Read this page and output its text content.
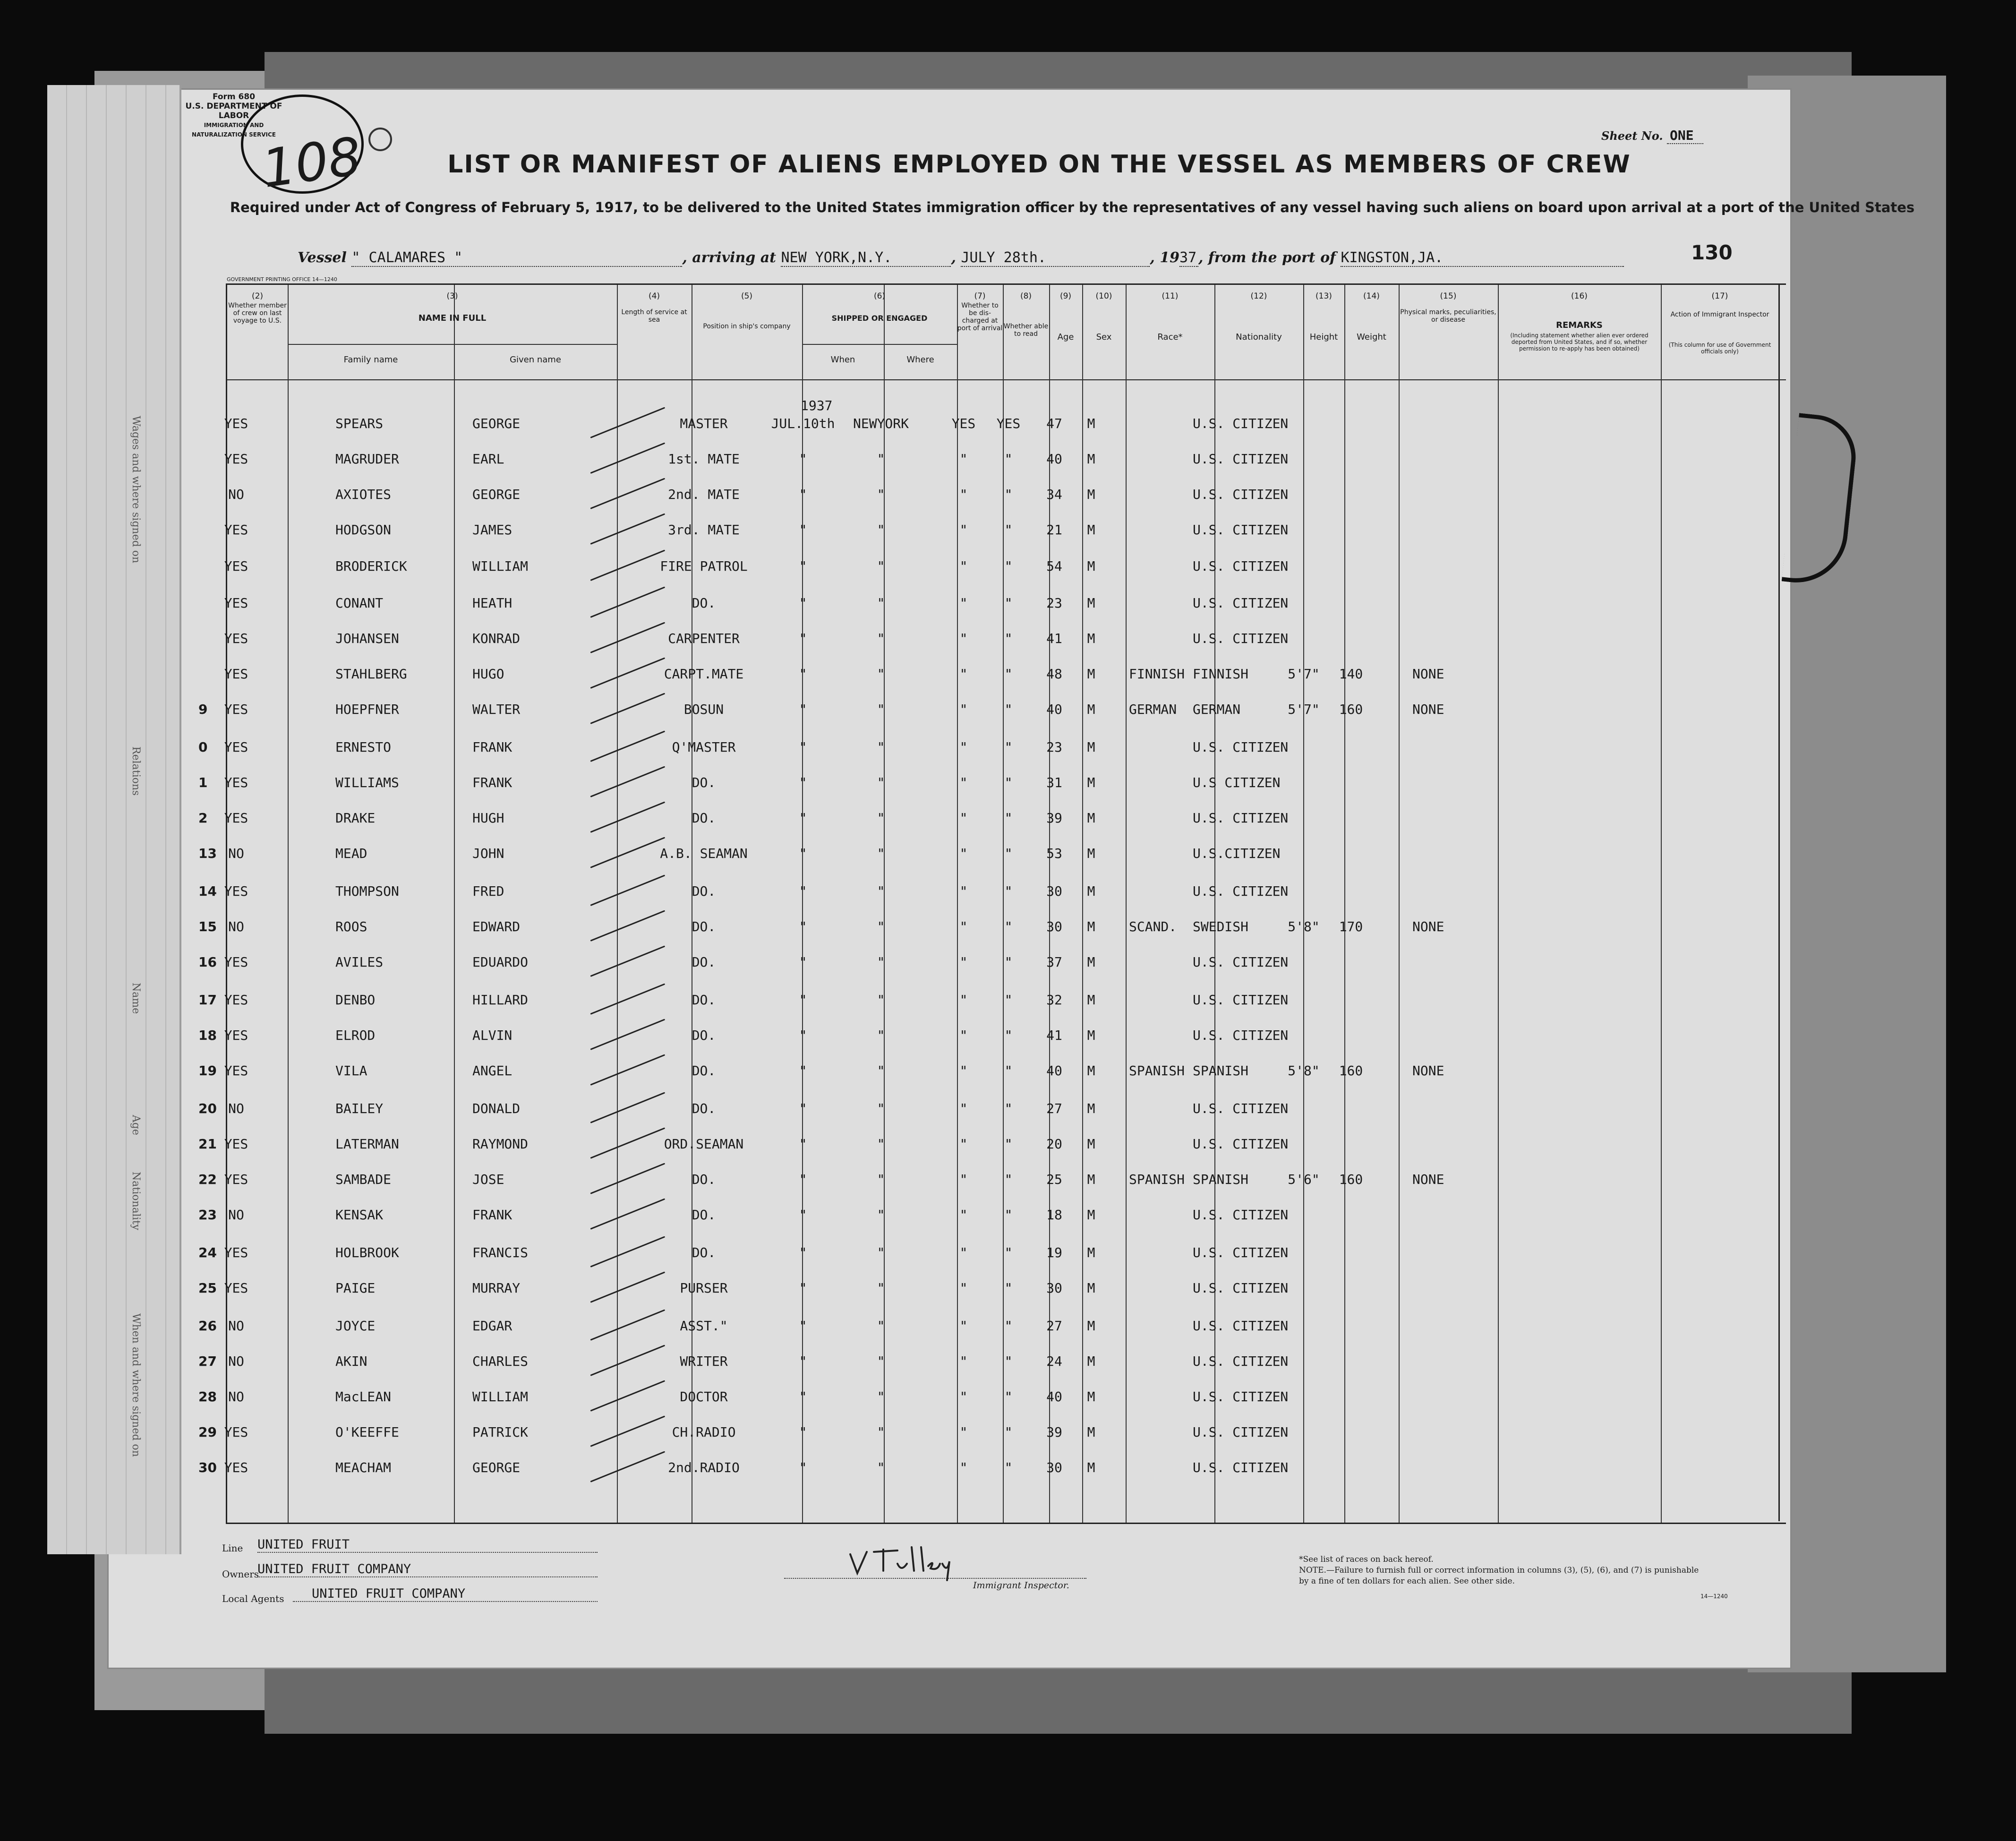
Wages and where signed on
Nationality
Age
Name
Relations
When and where signed on
Form 680
U.S. DEPARTMENT OF LABOR
IMMIGRATION AND NATURALIZATION SERVICE
108	Sheet No. ONE
LIST OR MANIFEST OF ALIENS EMPLOYED ON THE VESSEL AS MEMBERS OF CREW
Required under Act of Congress of February 5, 1917, to be delivered to the United States immigration officer by the representatives of any vessel having such aliens on board upon arrival at a port of the United States
130
Vessel " CALAMARES "	, arriving at NEW YORK,N.Y.	, JULY 28th.	, 1937 , from the port of KINGSTON,JA.
GOVERNMENT PRINTING OFFICE 14—1240
(2)
Whether member of crew on last voyage to U.S.
(3)
NAME IN FULL
Family name	Given name
(4)
Length of service at sea
(5)
Position in ship's company
(6)
SHIPPED OR ENGAGED
When	Where
(7)
Whether to be dis-charged at port of arrival
(8)
Whether able to read
(9)
Age
(10)
Sex
(11)
Race*
(12)
Nationality
(13)
Height
(14)
Weight
(15)
Physical marks, peculiarities, or disease
(16)
REMARKS
(Including statement whether alien ever ordered deported from United States, and if so, whether permission to re-apply has been obtained)
(17)
Action of Immigrant Inspector
(This column for use of Government officials only)
1937
YES	SPEARS	GEORGE	MASTER	JUL.10th	NEWYORK	YES	YES	47	M	U.S. CITIZEN
YES	MAGRUDER	EARL	1st. MATE	"	"	"	"	40	M	U.S. CITIZEN
NO	AXIOTES	GEORGE	2nd. MATE	"	"	"	"	34	M	U.S. CITIZEN
YES	HODGSON	JAMES	3rd. MATE	"	"	"	"	21	M	U.S. CITIZEN
YES	BRODERICK	WILLIAM	FIRE PATROL	"	"	"	"	54	M	U.S. CITIZEN
YES	CONANT	HEATH	DO.	"	"	"	"	23	M	U.S. CITIZEN
YES	JOHANSEN	KONRAD	CARPENTER	"	"	"	"	41	M	U.S. CITIZEN
YES	STAHLBERG	HUGO	CARPT.MATE	"	"	"	"	48	M	FINNISH FINNISH	5'7"	140	NONE
9	YES	HOEPFNER	WALTER	BOSUN	"	"	"	"	40	M	GERMAN GERMAN	5'7"	160	NONE
0	YES	ERNESTO	FRANK	Q'MASTER	"	"	"	"	23	M	U.S. CITIZEN
1	YES	WILLIAMS	FRANK	DO.	"	"	"	"	31	M	U.S CITIZEN
2	YES	DRAKE	HUGH	DO.	"	"	"	"	39	M	U.S. CITIZEN
13 NO	MEAD	JOHN	A.B. SEAMAN	"	"	"	"	53	M	U.S.CITIZEN
14 YES	THOMPSON	FRED	DO.	"	"	"	"	30	M	U.S. CITIZEN
15 NO	ROOS	EDWARD	DO.	"	"	"	"	30	M	SCAND. SWEDISH	5'8"	170	NONE
16 YES	AVILES	EDUARDO	DO.	"	"	"	"	37	M	U.S. CITIZEN
17 YES	DENBO	HILLARD	DO.	"	"	"	"	32	M	U.S. CITIZEN
18 YES	ELROD	ALVIN	DO.	"	"	"	"	41	M	U.S. CITIZEN
19 YES	VILA	ANGEL	DO.	"	"	"	"	40	M	SPANISH SPANISH	5'8"	160	NONE
20 NO	BAILEY	DONALD	DO.	"	"	"	"	27	M	U.S. CITIZEN
21 YES	LATERMAN	RAYMOND	ORD.SEAMAN	"	"	"	"	20	M	U.S. CITIZEN
22 YES	SAMBADE	JOSE	DO.	"	"	"	"	25	M	SPANISH SPANISH	5'6"	160	NONE
23 NO	KENSAK	FRANK	DO.	"	"	"	"	18	M	U.S. CITIZEN
24 YES	HOLBROOK	FRANCIS	DO.	"	"	"	"	19	M	U.S. CITIZEN
25 YES	PAIGE	MURRAY	PURSER	"	"	"	"	30	M	U.S. CITIZEN
26 NO	JOYCE	EDGAR	ASST."	"	"	"	"	27	M	U.S. CITIZEN
27 NO	AKIN	CHARLES	WRITER	"	"	"	"	24	M	U.S. CITIZEN
28 NO	MacLEAN	WILLIAM	DOCTOR	"	"	"	"	40	M	U.S. CITIZEN
29 YES	O'KEEFFE	PATRICK	CH.RADIO	"	"	"	"	39	M	U.S. CITIZEN
30 YES	MEACHAM	GEORGE	2nd.RADIO	"	"	"	"	30	M	U.S. CITIZEN
Line UNITED FRUIT
Owners
UNITED FRUIT COMPANY
Local Agents	UNITED FRUIT COMPANY
Immigrant Inspector.
*See list of races on back hereof.
NOTE.—Failure to furnish full or correct information in columns (3), (5), (6), and (7) is punishable by a fine of ten dollars for each alien. See other side.
14—1240
